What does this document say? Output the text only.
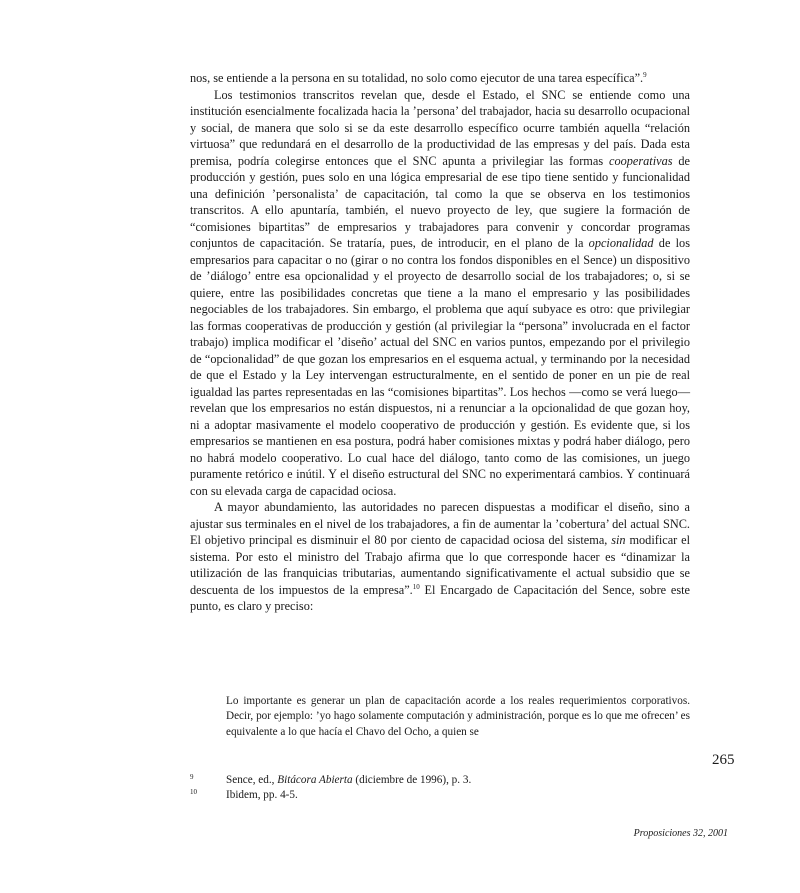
nos, se entiende a la persona en su totalidad, no solo como ejecutor de una tarea específica”.$^9$

Los testimonios transcritos revelan que, desde el Estado, el SNC se entiende como una institución esencialmente focalizada hacia la ’persona’ del trabajador, hacia su desarrollo ocupacional y social, de manera que solo si se da este desarrollo específico ocurre también aquella “relación virtuosa” que redundará en el desarrollo de la productividad de las empresas y del país. Dada esta premisa, podría colegirse entonces que el SNC apunta a privilegiar las formas cooperativas de producción y gestión, pues solo en una lógica empresarial de ese tipo tiene sentido y funcionalidad una definición ’personalista’ de capacitación, tal como la que se observa en los testimonios transcritos. A ello apuntaría, también, el nuevo proyecto de ley, que sugiere la formación de “comisiones bipartitas” de empresarios y trabajadores para convenir y concordar programas conjuntos de capacitación. Se trataría, pues, de introducir, en el plano de la opcionalidad de los empresarios para capacitar o no (girar o no contra los fondos disponibles en el Sence) un dispositivo de ’diálogo’ entre esa opcionalidad y el proyecto de desarrollo social de los trabajadores; o, si se quiere, entre las posibilidades concretas que tiene a la mano el empresario y las posibilidades negociables de los trabajadores. Sin embargo, el problema que aquí subyace es otro: que privilegiar las formas cooperativas de producción y gestión (al privilegiar la “persona” involucrada en el factor trabajo) implica modificar el ’diseño’ actual del SNC en varios puntos, empezando por el privilegio de “opcionalidad” de que gozan los empresarios en el esquema actual, y terminando por la necesidad de que el Estado y la Ley intervengan estructuralmente, en el sentido de poner en un pie de real igualdad las partes representadas en las “comisiones bipartitas”. Los hechos —como se verá luego— revelan que los empresarios no están dispuestos, ni a renunciar a la opcionalidad de que gozan hoy, ni a adoptar masivamente el modelo cooperativo de producción y gestión. Es evidente que, si los empresarios se mantienen en esa postura, podrá haber comisiones mixtas y podrá haber diálogo, pero no habrá modelo cooperativo. Lo cual hace del diálogo, tanto como de las comisiones, un juego puramente retórico e inútil. Y el diseño estructural del SNC no experimentará cambios. Y continuará con su elevada carga de capacidad ociosa.

A mayor abundamiento, las autoridades no parecen dispuestas a modificar el diseño, sino a ajustar sus terminales en el nivel de los trabajadores, a fin de aumentar la ’cobertura’ del actual SNC. El objetivo principal es disminuir el 80 por ciento de capacidad ociosa del sistema, sin modificar el sistema. Por esto el ministro del Trabajo afirma que lo que corresponde hacer es “dinamizar la utilización de las franquicias tributarias, aumentando significativamente el actual subsidio que se descuenta de los impuestos de la empresa”.$^{10}$ El Encargado de Capacitación del Sence, sobre este punto, es claro y preciso:

Lo importante es generar un plan de capacitación acorde a los reales requerimientos corporativos. Decir, por ejemplo: ’yo hago solamente computación y administración, porque es lo que me ofrecen’ es equivalente a lo que hacía el Chavo del Ocho, a quien se

265
9	Sence, ed., Bitácora Abierta (diciembre de 1996), p. 3.
10	Ibidem, pp. 4-5.
Proposiciones 32, 2001
